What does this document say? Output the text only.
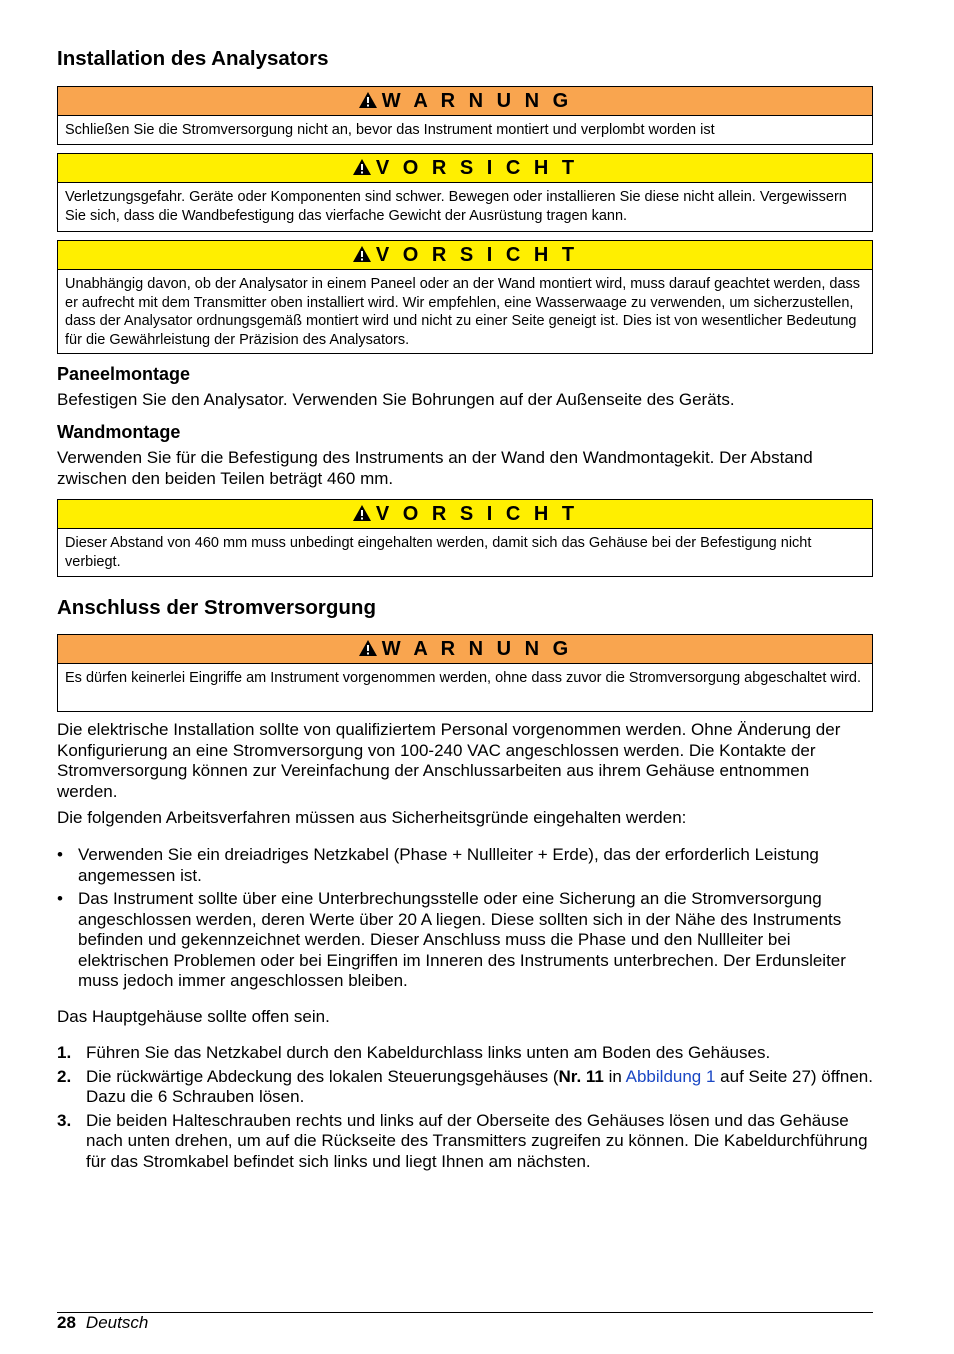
Installation des Analysators
W A R N U N G
Schließen Sie die Stromversorgung nicht an, bevor das Instrument montiert und verplombt worden ist
V O R S I C H T
Verletzungsgefahr. Geräte oder Komponenten sind schwer. Bewegen oder installieren Sie diese nicht allein. Vergewissern Sie sich, dass die Wandbefestigung das vierfache Gewicht der Ausrüstung tragen kann.
V O R S I C H T
Unabhängig davon, ob der Analysator in einem Paneel oder an der Wand montiert wird, muss darauf geachtet werden, dass er aufrecht mit dem Transmitter oben installiert wird. Wir empfehlen, eine Wasserwaage zu verwenden, um sicherzustellen, dass der Analysator ordnungsgemäß montiert wird und nicht zu einer Seite geneigt ist. Dies ist von wesentlicher Bedeutung für die Gewährleistung der Präzision des Analysators.
Paneelmontage

Befestigen Sie den Analysator. Verwenden Sie Bohrungen auf der Außenseite des Geräts.

Wandmontage

Verwenden Sie für die Befestigung des Instruments an der Wand den Wandmontagekit. Der Abstand zwischen den beiden Teilen beträgt 460 mm.

V O R S I C H T
Dieser Abstand von 460 mm muss unbedingt eingehalten werden, damit sich das Gehäuse bei der Befestigung nicht verbiegt.
Anschluss der Stromversorgung
W A R N U N G
Es dürfen keinerlei Eingriffe am Instrument vorgenommen werden, ohne dass zuvor die Stromversorgung abgeschaltet wird.

Die elektrische Installation sollte von qualifiziertem Personal vorgenommen werden. Ohne Änderung der Konfigurierung an eine Stromversorgung von 100-240 VAC angeschlossen werden. Die Kontakte der Stromversorgung können zur Vereinfachung der Anschlussarbeiten aus ihrem Gehäuse entnommen werden.

Die folgenden Arbeitsverfahren müssen aus Sicherheitsgründe eingehalten werden:

• Verwenden Sie ein dreiadriges Netzkabel (Phase + Nullleiter + Erde), das der erforderlich Leistung angemessen ist.
• Das Instrument sollte über eine Unterbrechungsstelle oder eine Sicherung an die Stromversorgung angeschlossen werden, deren Werte über 20 A liegen. Diese sollten sich in der Nähe des Instruments befinden und gekennzeichnet werden. Dieser Anschluss muss die Phase und den Nullleiter bei elektrischen Problemen oder bei Eingriffen im Inneren des Instruments unterbrechen. Der Erdunsleiter muss jedoch immer angeschlossen bleiben.

Das Hauptgehäuse sollte offen sein.

1. Führen Sie das Netzkabel durch den Kabeldurchlass links unten am Boden des Gehäuses.
2. Die rückwärtige Abdeckung des lokalen Steuerungsgehäuses (Nr. 11 in Abbildung 1 auf Seite 27) öffnen. Dazu die 6 Schrauben lösen.
3. Die beiden Halteschrauben rechts und links auf der Oberseite des Gehäuses lösen und das Gehäuse nach unten drehen, um auf die Rückseite des Transmitters zugreifen zu können. Die Kabeldurchführung für das Stromkabel befindet sich links und liegt Ihnen am nächsten.
28 Deutsch
